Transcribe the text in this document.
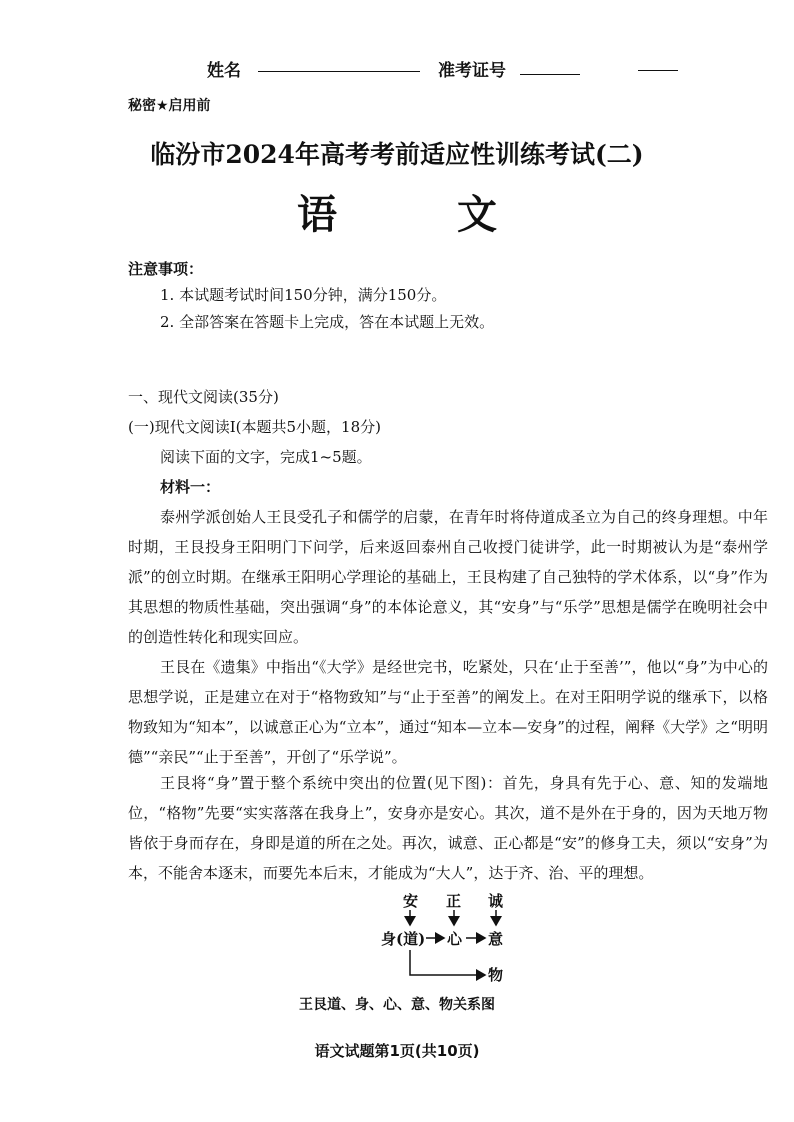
姓名	准考证号
秘密★启用前
临汾市2024年高考考前适应性训练考试(二)
语　文
注意事项：
1. 本试题考试时间150分钟，满分150分。
2. 全部答案在答题卡上完成，答在本试题上无效。
一、现代文阅读(35分)
(一)现代文阅读Ⅰ(本题共5小题，18分)
阅读下面的文字，完成1~5题。
材料一：
泰州学派创始人王艮受孔子和儒学的启蒙，在青年时将侍道成圣立为自己的终身理想。中年时期，王艮投身王阳明门下问学，后来返回泰州自己收授门徒讲学，此一时期被认为是“泰州学派”的创立时期。在继承王阳明心学理论的基础上，王艮构建了自己独特的学术体系，以“身”作为其思想的物质性基础，突出强调“身”的本体论意义，其“安身”与“乐学”思想是儒学在晚明社会中的创造性转化和现实回应。
王艮在《遗集》中指出“《大学》是经世完书，吃紧处，只在‘止于至善’”，他以“身”为中心的思想学说，正是建立在对于“格物致知”与“止于至善”的阐发上。在对王阳明学说的继承下，以格物致知为“知本”，以诚意正心为“立本”，通过“知本—立本—安身”的过程，阐释《大学》之“明明德”“亲民”“止于至善”，开创了“乐学说”。
王艮将“身”置于整个系统中突出的位置(见下图)：首先，身具有先于心、意、知的发端地位，“格物”先要“实实落落在我身上”，安身亦是安心。其次，道不是外在于身的，因为天地万物皆依于身而存在，身即是道的所在之处。再次，诚意、正心都是“安”的修身工夫，须以“安身”为本，不能舍本逐末，而要先本后末，才能成为“大人”，达于齐、治、平的理想。
安 正 诚
身(道) 心 意
物
王艮道、身、心、意、物关系图
语文试题第1页(共10页)
